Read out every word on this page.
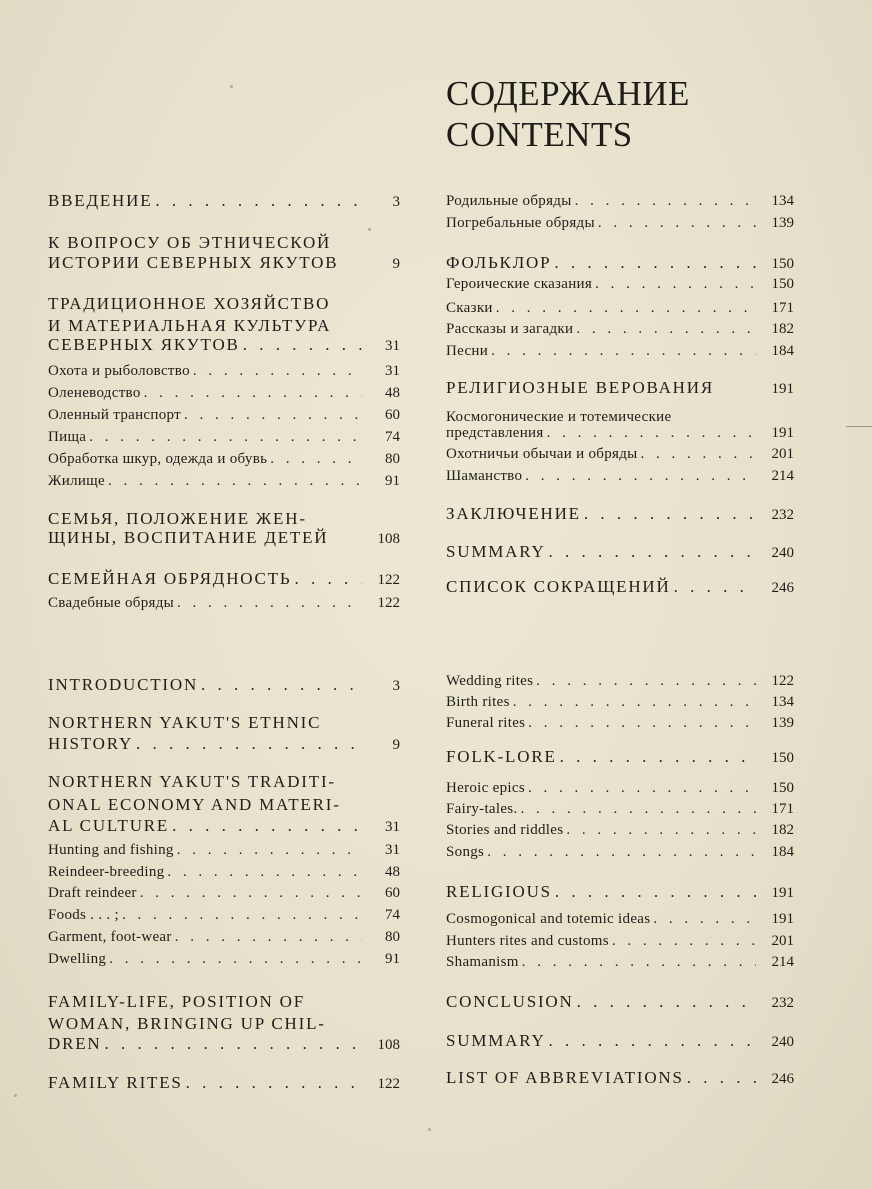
СОДЕРЖАНИЕ
CONTENTS
ВВЕДЕНИЕ . . .	3
К ВОПРОСУ ОБ ЭТНИЧЕСКОЙ
ИСТОРИИ СЕВЕРНЫХ ЯКУТОВ	9
ТРАДИЦИОННОЕ ХОЗЯЙСТВО
И МАТЕРИАЛЬНАЯ КУЛЬТУРА
СЕВЕРНЫХ ЯКУТОВ . . .	31
Охота и рыболовство . . .	31
Оленеводство . . .	48
Оленный транспорт . . .	60
Пища . . .	74
Обработка шкур, одежда и обувь . . .	80
Жилище . . .	91
СЕМЬЯ, ПОЛОЖЕНИЕ ЖЕН-
ЩИНЫ, ВОСПИТАНИЕ ДЕТЕЙ	108
СЕМЕЙНАЯ ОБРЯДНОСТЬ . . .	122
Свадебные обряды . . .	122
Родильные обряды . . .	134
Погребальные обряды . . .	139
ФОЛЬКЛОР . . .	150
Героические сказания . . .	150
Сказки . . .	171
Рассказы и загадки . . .	182
Песни . . .	184
РЕЛИГИОЗНЫЕ ВЕРОВАНИЯ	191
Космогонические и тотемические
представления . . .	191
Охотничьи обычаи и обряды . . .	201
Шаманство . . .	214
ЗАКЛЮЧЕНИЕ . . .	232
SUMMARY . . .	240
СПИСОК СОКРАЩЕНИЙ . . .	246
INTRODUCTION . . .	3
NORTHERN YAKUT'S ETHNIC
HISTORY . . .	9
NORTHERN YAKUT'S TRADITI-
ONAL ECONOMY AND MATERI-
AL CULTURE . . .	31
Hunting and fishing . . .	31
Reindeer-breeding . . .	48
Draft reindeer . . .	60
Foods . . . ; . . .	74
Garment, foot-wear . . .	80
Dwelling . . .	91
FAMILY-LIFE, POSITION OF
WOMAN, BRINGING UP CHIL-
DREN . . .	108
FAMILY RITES . . .	122
Wedding rites . . .	122
Birth rites . . .	134
Funeral rites . . .	139
FOLK-LORE . . .	150
Heroic epics . . .	150
Fairy-tales. . . .	171
Stories and riddles . . .	182
Songs . . .	184
RELIGIOUS . . .	191
Cosmogonical and totemic ideas . . .	191
Hunters rites and customs . . .	201
Shamanism . . .	214
CONCLUSION . . .	232
SUMMARY . . .	240
LIST OF ABBREVIATIONS . . .	246
